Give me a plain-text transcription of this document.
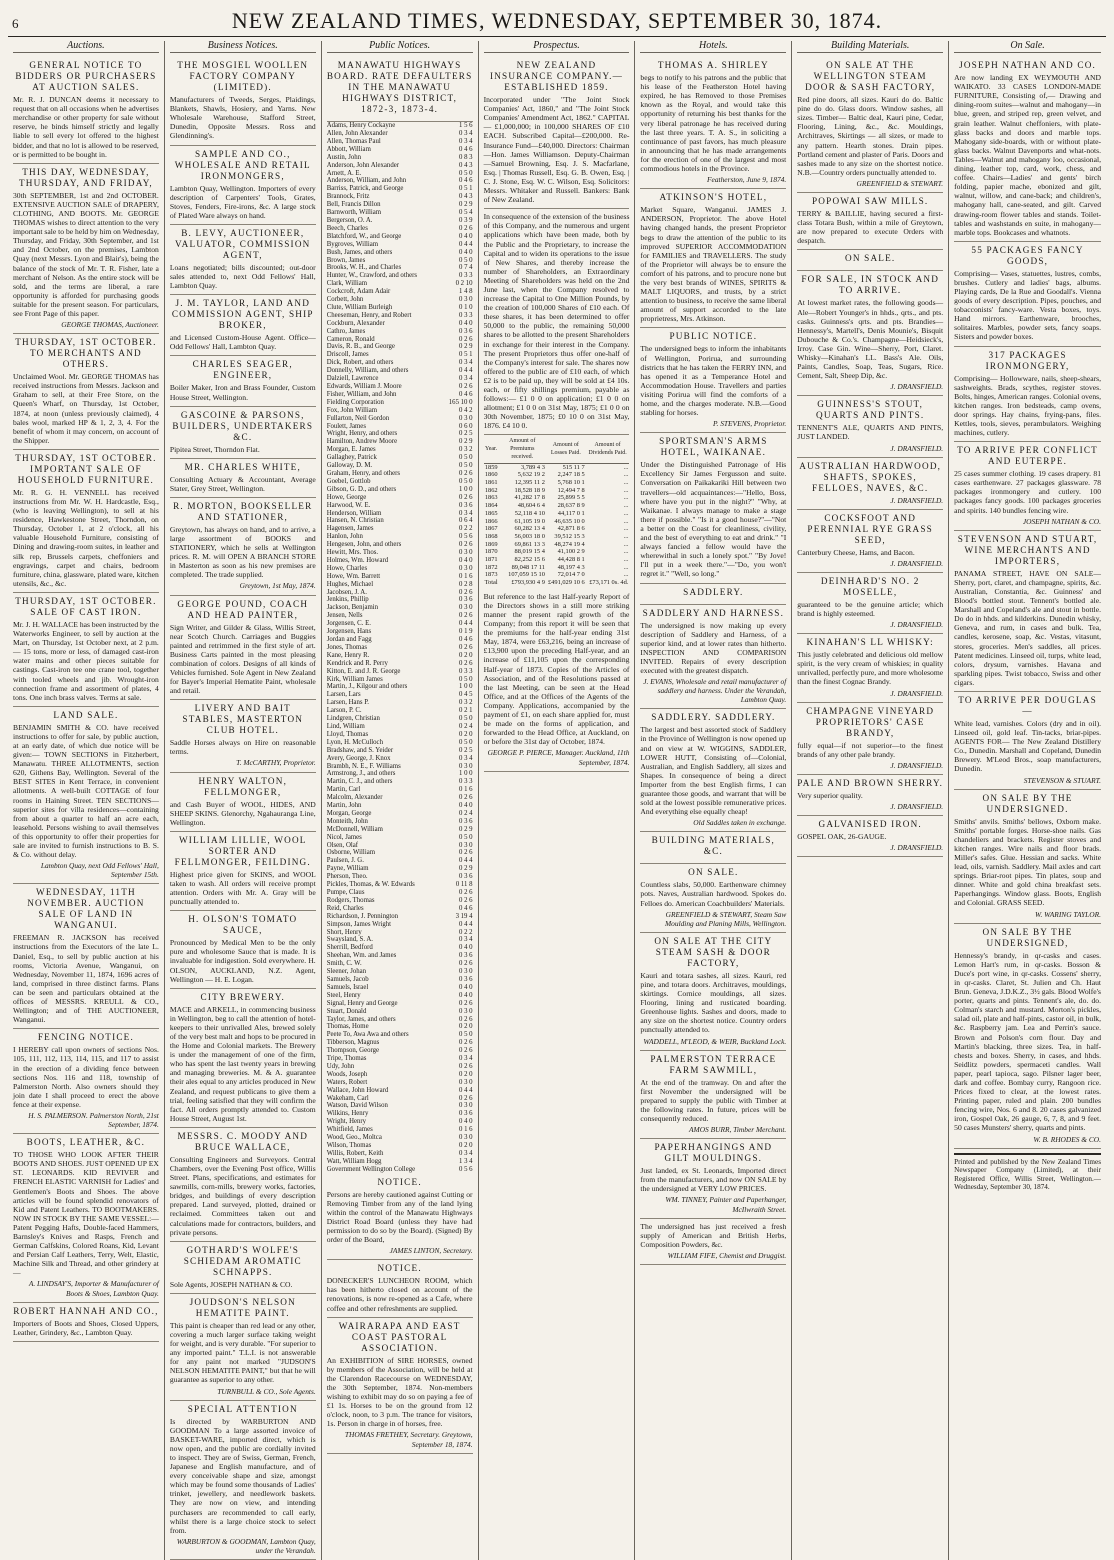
6	NEW ZEALAND TIMES, WEDNESDAY, SEPTEMBER 30, 1874.
Auctions.
GENERAL NOTICE TO BIDDERS OR PURCHASERS AT AUCTION SALES.

Mr. R. J. DUNCAN deems it necessary to request that on all occasions when he advertises merchandise or other property for sale without reserve, he binds himself strictly and legally liable to sell every lot offered to the highest bidder, and that no lot is allowed to be reserved, or is permitted to be bought in.

THIS DAY, WEDNESDAY, THURSDAY, AND FRIDAY,

30th SEPTEMBER, 1st and 2nd OCTOBER. EXTENSIVE AUCTION SALE of DRAPERY, CLOTHING, AND BOOTS. Mr. GEORGE THOMAS wishes to direct attention to the very important sale to be held by him on Wednesday, Thursday, and Friday, 30th September, and 1st and 2nd October, on the premises, Lambton Quay (next Messrs. Lyon and Blair's), being the balance of the stock of Mr. T. R. Fisher, late a merchant of Nelson. As the entire stock will be sold, and the terms are liberal, a rare opportunity is afforded for purchasing goods suitable for the present season. For particulars, see Front Page of this paper.

GEORGE THOMAS, Auctioneer.
THURSDAY, 1ST OCTOBER. TO MERCHANTS AND OTHERS.

Unclaimed Wool. Mr. GEORGE THOMAS has received instructions from Messrs. Jackson and Graham to sell, at their Free Store, on the Queen's Wharf, on Thursday, 1st October, 1874, at noon (unless previously claimed), 4 bales wool, marked HP & 1, 2, 3, 4. For the benefit of whom it may concern, on account of the Shipper.

THURSDAY, 1ST OCTOBER. IMPORTANT SALE OF HOUSEHOLD FURNITURE.

Mr. R. G. H. VENNELL has received instructions from Mr. W. H. Hardcastle, Esq., (who is leaving Wellington), to sell at his residence, Hawkestone Street, Thorndon, on Thursday, October 1, at 2 o'clock, all his valuable Household Furniture, consisting of Dining and drawing-room suites, in leather and silk rep, Brussels carpets, cheffoniers and engravings, carpet and chairs, bedroom furniture, china, glassware, plated ware, kitchen utensils, &c., &c.

THURSDAY, 1ST OCTOBER. SALE OF CAST IRON.

Mr. J. H. WALLACE has been instructed by the Waterworks Engineer, to sell by auction at the Mart, on Thursday, 1st October next, at 2 p.m.— 15 tons, more or less, of damaged cast-iron water mains and other pieces suitable for castings. Cast-iron tee one crane tool, together with tooled wheels and jib. Wrought-iron connection frame and assortment of plates, 4 tons. One inch brass valves. Terms at sale.

LAND SALE.

BENJAMIN SMITH & CO. have received instructions to offer for sale, by public auction, at an early date, of which due notice will be given:— TOWN SECTIONS in Fitzherbert, Manawatu. THREE ALLOTMENTS, section 620, Githens Bay, Wellington. Several of the BEST SITES in Kent Terrace, in convenient allotments. A well-built COTTAGE of four rooms in Haining Street. TEN SECTIONS—superior sites for villa residences—containing from about a quarter to half an acre each, leasehold. Persons wishing to avail themselves of this opportunity to offer their properties for sale are invited to furnish instructions to B. S. & Co. without delay.

Lambton Quay, next Odd Fellows' Hall, September 15th.
WEDNESDAY, 11TH NOVEMBER. AUCTION SALE OF LAND IN WANGANUI.

FREEMAN R. JACKSON has received instructions from the Executors of the late L. Daniel, Esq., to sell by public auction at his rooms, Victoria Avenue, Wanganui, on Wednesday, November 11, 1874, 1696 acres of land, comprised in three distinct farms. Plans can be seen and particulars obtained at the offices of MESSRS. KREULL & CO., Wellington; and of THE AUCTIONEER, Wanganui.

FENCING NOTICE.

I HEREBY call upon owners of sections Nos. 105, 111, 112, 113, 114, 115, and 117 to assist in the erection of a dividing fence between sections Nos. 116 and 118, township of Palmerston North. Also owners should they join date I shall proceed to erect the above fence at their expense.

H. S. PALMERSON. Palmerston North, 21st September, 1874.
BOOTS, LEATHER, &C.

TO THOSE WHO LOOK AFTER THEIR BOOTS AND SHOES. JUST OPENED UP EX ST. LEONARDS. KID REVIVER and FRENCH ELASTIC VARNISH for Ladies' and Gentlemen's Boots and Shoes. The above articles will be found splendid renovators of Kid and Patent Leathers. TO BOOTMAKERS. NOW IN STOCK BY THE SAME VESSEL:— Patent Pegging Hafts, Double-faced Hammers, Barnsley's Knives and Rasps, French and German Calfskins, Colored Roans, Kid, Levant and Persian Calf Leathers, Terry, Welt, Elastic, Machine Silk and Thread, and other grindery at—

A. LINDSAY'S, Importer & Manufacturer of Boots & Shoes, Lambton Quay.
ROBERT HANNAH AND CO.,

Importers of Boots and Shoes, Closed Uppers, Leather, Grindery, &c., Lambton Quay.

Business Notices.
THE MOSGIEL WOOLLEN FACTORY COMPANY (LIMITED).

Manufacturers of Tweeds, Serges, Plaidings, Blankets, Shawls, Hosiery, and Yarns. New Wholesale Warehouse, Stafford Street, Dunedin, Opposite Messrs. Ross and Glendinning's.

SAMPLE AND CO., WHOLESALE AND RETAIL IRONMONGERS,

Lambton Quay, Wellington. Importers of every description of Carpenters' Tools, Grates, Stoves, Fenders, Fire-irons, &c. A large stock of Plated Ware always on hand.

B. LEVY, AUCTIONEER, VALUATOR, COMMISSION AGENT,

Loans negotiated; bills discounted; out-door sales attended to, next Odd Fellows' Hall, Lambton Quay.

J. M. TAYLOR, LAND AND COMMISSION AGENT, SHIP BROKER,

and Licensed Custom-House Agent. Office—Odd Fellows' Hall, Lambton Quay.

CHARLES SEAGER, ENGINEER,

Boiler Maker, Iron and Brass Founder, Custom House Street, Wellington.

GASCOINE & PARSONS, BUILDERS, UNDERTAKERS &C.

Pipitea Street, Thorndon Flat.

MR. CHARLES WHITE,

Consulting Actuary & Accountant, Average Stater, Grey Street, Wellington.

R. MORTON, BOOKSELLER AND STATIONER,

Greytown, has always on hand, and to arrive, a large assortment of BOOKS and STATIONERY, which he sells at Wellington prices. R. M. will OPEN A BRANCH STORE in Masterton as soon as his new premises are completed. The trade supplied.

Greytown, 1st May, 1874.
GEORGE POUND, COACH AND HEAD PAINTER,

Sign Writer, and Gilder & Glass, Willis Street, near Scotch Church. Carriages and Buggies painted and retrimmed in the first style of art. Business Carts painted in the most pleasing combination of colors. Designs of all kinds of Vehicles furnished. Sole Agent in New Zealand for Bayer's Imperial Hematite Paint, wholesale and retail.

LIVERY AND BAIT STABLES, MASTERTON CLUB HOTEL.

Saddle Horses always on Hire on reasonable terms.

T. McCARTHY, Proprietor.
HENRY WALTON, FELLMONGER,

and Cash Buyer of WOOL, HIDES, AND SHEEP SKINS. Glenorchy, Ngahauranga Line, Wellington.

WILLIAM LILLIE, WOOL SORTER AND FELLMONGER, FEILDING.

Highest price given for SKINS, and WOOL taken to wash. All orders will receive prompt attention. Orders with Mr. A. Gray will be punctually attended to.

H. OLSON'S TOMATO SAUCE,

Pronounced by Medical Men to be the only pure and wholesome Sauce that is made. It is invaluable for indigestion. Sold everywhere. H. OLSON, AUCKLAND, N.Z. Agent, Wellington — H. E. Logan.

CITY BREWERY.

MACE and ARKELL, in commencing business in Wellington, beg to call the attention of hotel-keepers to their unrivalled Ales, brewed solely of the very best malt and hops to be procured in the Home and Colonial markets. The Brewery is under the management of one of the firm, who has spent the last twenty years in brewing and managing breweries. M. & A. guarantee their ales equal to any articles produced in New Zealand, and request publicans to give them a trial, feeling satisfied that they will confirm the fact. All orders promptly attended to. Custom House Street, August 1st.

MESSRS. C. MOODY AND BRUCE WALLACE,

Consulting Engineers and Surveyors. Central Chambers, over the Evening Post office, Willis Street. Plans, specifications, and estimates for sawmills, corn-mills, brewery works, factories, bridges, and buildings of every description prepared. Land surveyed, plotted, drained or reclaimed. Committees taken out and calculations made for contractors, builders, and private persons.

GOTHARD'S WOLFE'S SCHIEDAM AROMATIC SCHNAPPS.

Sole Agents, JOSEPH NATHAN & CO.

JOUDSON'S NELSON HEMATITE PAINT.

This paint is cheaper than red lead or any other, covering a much larger surface taking weight for weight, and is very durable. "For superior to any imported paint." T.L.I. is not answerable for any paint not marked "JUDSON'S NELSON HEMATITE PAINT," but that he will guarantee as superior to any other.

TURNBULL & CO., Sole Agents.
SPECIAL ATTENTION

Is directed by WARBURTON AND GOODMAN To a large assorted invoice of BASKET-WARE, imported direct, which is now open, and the public are cordially invited to inspect. They are of Swiss, German, French, Japanese and English manufacture, and of every conceivable shape and size, amongst which may be found some thousands of Ladies' trinket, jewellery, and needlework baskets. They are now on view, and intending purchasers are recommended to call early, whilst there is a large choice stock to select from.

WARBURTON & GOODMAN, Lambton Quay, under the Verandah.
Public Notices.
MANAWATU HIGHWAYS BOARD. RATE DEFAULTERS IN THE MANAWATU HIGHWAYS DISTRICT, 1872-3, 1873-4.
Adams, Henry Cockayne	1 5 6
Allen, John Alexander	0 3 4
Allen, Thomas Paul	0 3 4
Abbott, William	0 4 6
Austin, John	0 8 3
Anderson, John Alexander	0 4 3
Arnett, A. E.	0 5 0
Anderson, William, and John	0 4 6
Barriss, Patrick, and George	0 5 1
Brannock, Fritz	0 4 3
Bell, Francis Dillon	0 2 9
Barnworth, William	0 5 4
Bergerson, O. A.	0 3 9
Beech, Charles	0 2 6
Blatchford, W., and George	0 4 0
Bygroves, William	0 4 4
Bush, James, and others	0 4 0
Brown, James	0 5 0
Brooks, W. H., and Charles	0 7 4
Hunter, W., Crawford, and others	0 3 3
Clark, William	0 2 10
Cockcroft, Adam Adair	1 4 8
Corbett, John	0 3 0
Clute, William Burleigh	0 1 0
Cheeseman, Henry, and Robert	0 3 3
Cockburn, Alexander	0 4 0
Cathro, James	0 3 6
Cameron, Ronald	0 2 6
Davis, R. B., and George	0 2 9
Driscoll, James	0 5 1
Dick, Robert, and others	0 3 4
Donnelly, William, and others	0 4 4
Dalziell, Lawrence	0 3 4
Edwards, William J. Moore	0 2 6
Fisher, William, and John	0 4 6
Fielding Corporation	165 10 0
Fox, John William	0 4 2
Fullarton, Neil Gordon	0 3 0
Foulett, James	0 6 0
Wright, Henry, and others	0 2 5
Hamilton, Andrew Moore	0 2 9
Morgan, E. James	0 3 2
Gallaghey, Patrick	0 5 0
Galloway, D. M.	0 5 0
Graham, Henry, and others	0 2 6
Goebel, Gottlob	0 5 0
Gibson, G. D., and others	1 0 0
Howe, George	0 2 6
Harwood, W. E.	0 3 6
Henderson, William	0 3 4
Hansen, N. Christian	0 6 4
Hagensen, James	0 2 2
Hanlon, John	0 5 6
Hengesen, John, and others	0 2 6
Hewitt, Mrs. Thos.	0 3 0
Holmes, Wm. Howard	0 4 0
Howe, Charles	0 3 0
Howe, Wm. Barrett	0 1 6
Hughes, Michael	0 2 8
Jacobsen, J. A.	0 2 6
Jenkins, Phillip	0 3 6
Jackson, Benjamin	0 3 0
Jensen, Nells	0 2 6
Jorgensen, C. E.	0 4 4
Jorgensen, Hans	0 1 9
Jordan and Fagg	0 4 6
Jones, Thomas	0 2 6
Kane, Henry R.	0 2 0
Kendrick and R. Perry	0 2 6
Kitton, E. and J. R. George	0 3 3
Kirk, William James	0 5 0
Martin, J., Kilgour and others	1 0 0
Larsen, Lars	0 4 5
Larsen, Hans P.	0 3 2
Larson, P. C.	0 2 1
Lindgren, Christian	0 5 0
Lind, William	0 2 4
Lloyd, Thomas	0 2 0
Lyon, H. McCulloch	0 5 0
Bradshaw, and S. Yeider	0 2 5
Avery, George, J. Knox	0 3 4
Brambh, N. E., F. Williams	0 3 0
Armstrong, J., and others	1 0 0
Martin, C. J., and others	0 3 3
Martin, Carl	0 1 6
Malcolm, Alexander	0 2 6
Martin, John	0 4 0
Morgan, George	0 2 4
Monteith, John	0 3 6
McDonnell, William	0 2 9
Nicol, James	0 5 0
Olsen, Olaf	0 3 0
Osborne, William	0 2 6
Paulsen, J. G.	0 4 4
Payne, William	0 2 9
Pherson, Theo.	0 3 6
Pickles, Thomas, & W. Edwards	0 11 8
Pumpe, Claus	0 2 6
Rodgers, Thomas	0 2 6
Reid, Charles	0 4 6
Richardson, J. Pennington	3 19 4
Simpson, James Wright	0 4 4
Short, Henry	0 2 2
Swaysland, S. A.	0 3 4
Sherrill, Bedford	0 4 0
Sheehan, Wm. and James	0 3 6
Smith, C. W.	0 2 6
Sleener, Johan	0 3 0
Samuels, Jacob	0 3 6
Samuels, Israel	0 4 0
Steel, Henry	0 4 0
Signal, Henry and George	0 2 6
Stuart, Donald	0 3 0
Taylor, James, and others	0 2 6
Thomas, Home	0 2 0
Peete To, Awa Awa and others	0 5 0
Tibberson, Magnus	0 2 6
Thompson, George	0 2 6
Tripe, Thomas	0 3 4
Udy, John	0 2 6
Woods, Joseph	0 2 0
Waters, Robert	0 3 0
Wallace, John Howard	0 4 4
Wakeham, Carl	0 2 6
Watson, David Wilson	0 3 0
Wilkins, Henry	0 3 6
Wright, Henry	0 4 0
Whitfield, James	0 1 6
Wood, Geo., Moltca	0 3 0
Wilson, Thomas	0 2 0
Willis, Robert, Keith	0 3 4
Watt, William Hogg	1 3 4
Government Wellington College	0 5 6
NOTICE.

Persons are hereby cautioned against Cutting or Removing Timber from any of the land lying within the control of the Manawatu Highways District Road Board (unless they have had permission to do so by the Board). (Signed) By order of the Board,

JAMES LINTON, Secretary.
NOTICE.

DONECKER'S LUNCHEON ROOM, which has been hitherto closed on account of the renovations, is now re-opened as a Cafe, where coffee and other refreshments are supplied.

WAIRARAPA AND EAST COAST PASTORAL ASSOCIATION.

An EXHIBITION of SIRE HORSES, owned by members of the Association, will be held at the Clarendon Racecourse on WEDNESDAY, the 30th September, 1874. Non-members wishing to exhibit may do so on paying a fee of £1 1s. Horses to be on the ground from 12 o'clock, noon, to 3 p.m. The trance for visitors, 1s. Person in charge in of horses, free.

THOMAS FRETHEY, Secretary. Greytown, September 18, 1874.
Prospectus.
NEW ZEALAND INSURANCE COMPANY.—ESTABLISHED 1859.

Incorporated under "The Joint Stock Companies' Act, 1860," and "The Joint Stock Companies' Amendment Act, 1862." CAPITAL — £1,000,000; in 100,000 SHARES OF £10 EACH. Subscribed Capital—£200,000. Re-Insurance Fund—£40,000. Directors: Chairman—Hon. James Williamson. Deputy-Chairman—Samuel Browning, Esq. J. S. Macfarlane, Esq. | Thomas Russell, Esq. G. B. Owen, Esq. | C. J. Stone, Esq. W. C. Wilson, Esq. Solicitors: Messrs. Whitaker and Russell. Bankers: Bank of New Zealand.

In consequence of the extension of the business of this Company, and the numerous and urgent applications which have been made, both by the Public and the Proprietary, to increase the Capital and to widen its operations to the issue of New Shares, and thereby increase the number of Shareholders, an Extraordinary Meeting of Shareholders was held on the 2nd June last, when the Company resolved to increase the Capital to One Million Pounds, by the creation of 100,000 Shares of £10 each. Of these shares, it has been determined to offer 50,000 to the public, the remaining 50,000 shares to be allotted to the present Shareholders in exchange for their interest in the Company. The present Proprietors thus offer one-half of the Company's interest for sale. The shares now offered to the public are of £10 each, of which £2 is to be paid up, they will be sold at £4 10s. each, or fifty shillings premium, payable as follows:— £1 0 0 on application; £1 0 0 on allotment; £1 0 0 on 31st May, 1875; £1 0 0 on 30th November, 1875; £0 10 0 on 31st May, 1876. £4 10 0.

Year.	Amount of Premiums received.	Amount of Losses Paid.	Amount of Dividends Paid.
1859	3,789 4 3	515 11 7	...
1860	5,632 19 2	2,247 18 5	...
1861	12,395 11 2	5,768 10 1	...
1862	18,528 18 9	12,494 7 8	...
1863	41,282 17 8	25,899 5 5	...
1864	48,604 6 4	28,637 8 9	...
1865	52,118 4 10	44,117 0 1	...
1866	61,105 19 0	46,635 10 0	...
1867	60,282 13 4	42,871 8 6	...
1868	56,003 18 0	39,512 15 3	...
1869	69,861 13 3	48,274 19 4	...
1870	88,019 15 4	41,100 2 9	...
1871	82,252 15 6	44,428 8 1	...
1872	89,048 17 11	48,197 4 3	...
1873	107,059 15 10	72,014 7 0	...
Total	£793,930 4 9	£491,029 10 6	£73,171 0s. 4d.

But reference to the last Half-yearly Report of the Directors shows in a still more striking manner the present rapid growth of the Company; from this report it will be seen that the premiums for the half-year ending 31st May, 1874, were £63,216, being an increase of £13,900 upon the preceding Half-year, and an increase of £11,105 upon the corresponding Half-year of 1873. Copies of the Articles of Association, and of the Resolutions passed at the last Meeting, can be seen at the Head Office, and at the Offices of the Agents of the Company. Applications, accompanied by the payment of £1, on each share applied for, must be made on the forms of application, and forwarded to the Head Office, at Auckland, on or before the 31st day of October, 1874.

GEORGE P. PIERCE, Manager. Auckland, 11th September, 1874.
Hotels.
THOMAS A. SHIRLEY

begs to notify to his patrons and the public that his lease of the Featherston Hotel having expired, he has Removed to those Premises known as the Royal, and would take this opportunity of returning his best thanks for the very liberal patronage he has received during the last three years. T. A. S., in soliciting a continuance of past favors, has much pleasure in announcing that he has made arrangements for the erection of one of the largest and most commodious hotels in the Province.

Featherston, June 9, 1874.
ATKINSON'S HOTEL,

Market Square, Wanganui. JAMES J. ANDERSON, Proprietor. The above Hotel having changed hands, the present Proprietor begs to draw the attention of the public to its improved SUPERIOR ACCOMMODATION for FAMILIES and TRAVELLERS. The study of the Proprietor will always be to ensure the comfort of his patrons, and to procure none but the very best brands of WINES, SPIRITS & MALT LIQUORS, and trusts, by a strict attention to business, to receive the same liberal amount of support accorded to the late proprietress, Mrs. Atkinson.

PUBLIC NOTICE.

The undersigned begs to inform the inhabitants of Wellington, Porirua, and surrounding districts that he has taken the FERRY INN, and has opened it as a Temperance Hotel and Accommodation House. Travellers and parties visiting Porirua will find the comforts of a home, and the charges moderate. N.B.—Good stabling for horses.

P. STEVENS, Proprietor.
SPORTSMAN'S ARMS HOTEL, WAIKANAE.

Under the Distinguished Patronage of His Excellency Sir James Fergusson and suite. Conversation on Paikakariki Hill between two travellers—old acquaintances:—"Hello, Boss, where have you put in the night?" "Why, at Waikanae. I always manage to make a stage there if possible." "Is it a good house?"—"Not a better on the Coast for cleanliness, civility, and the best of everything to eat and drink." "I always fancied a fellow would have the wherewithal in such a lonely spot." "By Jove! I'll put in a week there."—"Do, you won't regret it." "Well, so long."

SADDLERY.
SADDLERY AND HARNESS.

The undersigned is now making up every description of Saddlery and Harness, of a superior kind, and at lower rates than hitherto. INSPECTION AND COMPARISON INVITED. Repairs of every description executed with the greatest dispatch.

J. EVANS, Wholesale and retail manufacturer of saddlery and harness. Under the Verandah, Lambton Quay.
SADDLERY. SADDLERY.

The largest and best assorted stock of Saddlery in the Province of Wellington is now opened up and on view at W. WIGGINS, SADDLER, LOWER HUTT, Consisting of—Colonial, Australian, and English Saddlery, all sizes and Shapes. In consequence of being a direct Importer from the best English firms, I can guarantee those goods, and warrant that will be sold at the lowest possible remunerative prices. And everything else equally cheap!

Old Saddles taken in exchange.
BUILDING MATERIALS, &C.
ON SALE.

Countless slabs, 50,000. Earthenware chimney pots. Naves, Australian hardwood. Spokes do. Felloes do. American Coachbuilders' Materials.

GREENFIELD & STEWART, Steam Saw Moulding and Planing Mills, Wellington.
ON SALE AT THE CITY STEAM SASH & DOOR FACTORY,

Kauri and totara sashes, all sizes. Kauri, red pine, and totara doors. Architraves, mouldings, skirtings. Cornice mouldings, all sizes. Flooring, lining and rusticated boarding. Greenhouse lights. Sashes and doors, made to any size on the shortest notice. Country orders punctually attended to.

WADDELL, M'LEOD, & WEIR, Buckland Lock.
PALMERSTON TERRACE FARM SAWMILL,

At the end of the tramway. On and after the first November the undersigned will be prepared to supply the public with Timber at the following rates. In future, prices will be consequently reduced.

AMOS BURR, Timber Merchant.
PAPERHANGINGS AND GILT MOULDINGS.

Just landed, ex St. Leonards, Imported direct from the manufacturers, and now ON SALE by the undersigned at VERY LOW PRICES.

WM. TINNEY, Painter and Paperhanger, McIlwraith Street.

The undersigned has just received a fresh supply of American and British Herbs, Composition Powders, &c.

WILLIAM FIFE, Chemist and Druggist.
Building Materials.
ON SALE AT THE WELLINGTON STEAM DOOR & SASH FACTORY,

Red pine doors, all sizes. Kauri do do. Baltic pine do do. Glass doors. Window sashes, all sizes. Timber— Baltic deal, Kauri pine, Cedar, Flooring, Lining, &c., &c. Mouldings, Architraves, Skirtings — all sizes, or made to any pattern. Hearth stones. Drain pipes. Portland cement and plaster of Paris. Doors and sashes made to any size on the shortest notice. N.B.—Country orders punctually attended to.

GREENFIELD & STEWART.
POPOWAI SAW MILLS.

TERRY & BAILLIE, having secured a first-class Totara Bush, within a mile of Greytown, are now prepared to execute Orders with despatch.

ON SALE.
FOR SALE, IN STOCK AND TO ARRIVE.

At lowest market rates, the following goods— Ale—Robert Younger's in hhds., qrts., and pts. casks. Guinness's qrts. and pts. Brandies—Hennessy's, Martell's, Denis Mounie's, Bisquit Dubouche & Co.'s. Champagne—Heidsieck's, Irroy. Case Gin. Wine—Sherry, Port, Claret. Whisky—Kinahan's LL. Bass's Ale. Oils, Paints, Candles, Soap, Teas, Sugars, Rice. Cement, Salt, Sheep Dip, &c.

J. DRANSFIELD.
GUINNESS'S STOUT, QUARTS AND PINTS.

TENNENT'S ALE, QUARTS AND PINTS, JUST LANDED.

J. DRANSFIELD.
AUSTRALIAN HARDWOOD, SHAFTS, SPOKES, FELLOES, NAVES, &C.
J. DRANSFIELD.
COCKSFOOT AND PERENNIAL RYE GRASS SEED,

Canterbury Cheese, Hams, and Bacon.

J. DRANSFIELD.
DEINHARD'S NO. 2 MOSELLE,

guaranteed to be the genuine article; which brand is highly esteemed.

J. DRANSFIELD.
KINAHAN'S LL WHISKY:

This justly celebrated and delicious old mellow spirit, is the very cream of whiskies; in quality unrivalled, perfectly pure, and more wholesome than the finest Cognac Brandy.

J. DRANSFIELD.
CHAMPAGNE VINEYARD PROPRIETORS' CASE BRANDY,

fully equal—if not superior—to the finest brands of any other pale brandy.

J. DRANSFIELD.
PALE AND BROWN SHERRY.

Very superior quality.

J. DRANSFIELD.
GALVANISED IRON.

GOSPEL OAK, 26-GAUGE.

J. DRANSFIELD.
On Sale.
JOSEPH NATHAN AND CO.

Are now landing EX WEYMOUTH AND WAIKATO. 33 CASES LONDON-MADE FURNITURE, Consisting of,— Drawing and dining-room suites—walnut and mahogany—in blue, green, and striped rep, green velvet, and grain leather. Walnut cheffoniers, with plate-glass backs and doors and marble tops. Mahogany side-boards, with or without plate-glass backs. Walnut Davenports and what-nots. Tables—Walnut and mahogany loo, occasional, dining, leather top, card, work, chess, and coffee. Chairs—Ladies' and gents' birch folding, papier mache, ebonized and gilt, walnut, willow, and cane-back; and children's, mahogany hall, cane-seated, and gilt. Carved drawing-room flower tables and stands. Toilet-tables and washstands en suite, in mahogany—marble tops. Bookcases and whatnots.

55 PACKAGES FANCY GOODS,

Comprising— Vases, statuettes, lustres, combs, brushes. Cutlery and ladies' bags, albums. Playing cards, De la Rue and Goodall's. Vienna goods of every description. Pipes, pouches, and tobacconists' fancy-ware. Vesta boxes, toys. Hand mirrors. Earthenware, brooches, solitaires. Marbles, powder sets, fancy soaps. Sisters and powder boxes.

317 PACKAGES IRONMONGERY,

Comprising— Hollowware, nails, sheep-shears, sashweights. Brads, scythes, register stoves. Bolts, hinges, American ranges. Colonial ovens, kitchen ranges. Iron bedsteads, camp ovens, door springs. Hay chains, frying-pans, files. Kettles, tools, sieves, perambulators. Weighing machines, cutlery.

TO ARRIVE PER CONFLICT AND EUTERPE.

25 cases summer clothing. 19 cases drapery. 81 cases earthenware. 27 packages glassware. 78 packages ironmongery and cutlery. 100 packages fancy goods. 100 packages groceries and spirits. 140 bundles fencing wire.

JOSEPH NATHAN & CO.
STEVENSON AND STUART, WINE MERCHANTS AND IMPORTERS,

PANAMA STREET, HAVE ON SALE— Sherry, port, claret, and champagne, spirits, &c. Australian, Constantia, &c. Guinness' and Blood's bottled stout. Tennent's bottled ale. Marshall and Copeland's ale and stout in bottle. Do do in hhds. and kilderkins. Dunedin whisky, Geneva, and rum, in cases and bulk. Tea, candles, kerosene, soap, &c. Vestas, vitasunt, stores, groceries. Men's saddles, all prices. Patent medicines. Linseed oil, turps, white lead, colors, drysum, varnishes. Havana and sparkling pipes. Twist tobacco, Swiss and other cigars.

TO ARRIVE PER DOUGLAS—

White lead, varnishes. Colors (dry and in oil). Linseed oil, gold leaf. Tin-tacks, briar-pipes. AGENTS FOR— The New Zealand Distillery Co., Dunedin. Marshall and Copeland, Dunedin Brewery. M'Leod Bros., soap manufacturers, Dunedin.

STEVENSON & STUART.
ON SALE BY THE UNDERSIGNED.

Smiths' anvils. Smiths' bellows, Oxborn make. Smiths' portable forges. Horse-shoe nails. Gas chandeliers and brackets. Register stoves and kitchen ranges. Wire nails and floor brads. Miller's safes. Glue. Hessian and sacks. White lead, oils, varnish. Saddlery. Mail axles and cart springs. Briar-root pipes. Tin plates, soup and dinner. White and gold china breakfast sets. Paperhangings. Window glass. Boots, English and Colonial. GRASS SEED.

W. WARING TAYLOR.
ON SALE BY THE UNDERSIGNED,

Hennessy's brandy, in qr-casks and cases. Lemon Hart's rum, in qr-casks. Bosson & Duce's port wine, in qr-casks. Cossens' sherry, in qr-casks. Claret, St. Julien and Ch. Haut Brun. Geneva, J.D.K.Z., 3½ gals. Blood Wolfe's porter, quarts and pints. Tennent's ale, do. do. Colman's starch and mustard. Morton's pickles, salad oil, plate and half-pints, castor oil, in bulk, &c. Raspberry jam. Lea and Perrin's sauce. Brown and Polson's corn flour. Day and Martin's blacking, three sizes. Tea, in half-chests and boxes. Sherry, in cases, and hhds. Seidlitz powders, spermaceti candles. Wall paper, pearl tapioca, sago. Pilsner lager beer, dark and coffee. Bombay curry, Rangoon rice. Prices fixed to clear, at the lowest rates. Printing paper, ruled and plain. 200 bundles fencing wire, Nos. 6 and 8. 20 cases galvanized iron, Gospel Oak, 26 gauge, 6, 7, 8, and 9 feet. 50 cases Munsters' sherry, quarts and pints.

W. B. RHODES & CO.
Printed and published by the New Zealand Times Newspaper Company (Limited), at their Registered Office, Willis Street, Wellington.—Wednesday, September 30, 1874.
